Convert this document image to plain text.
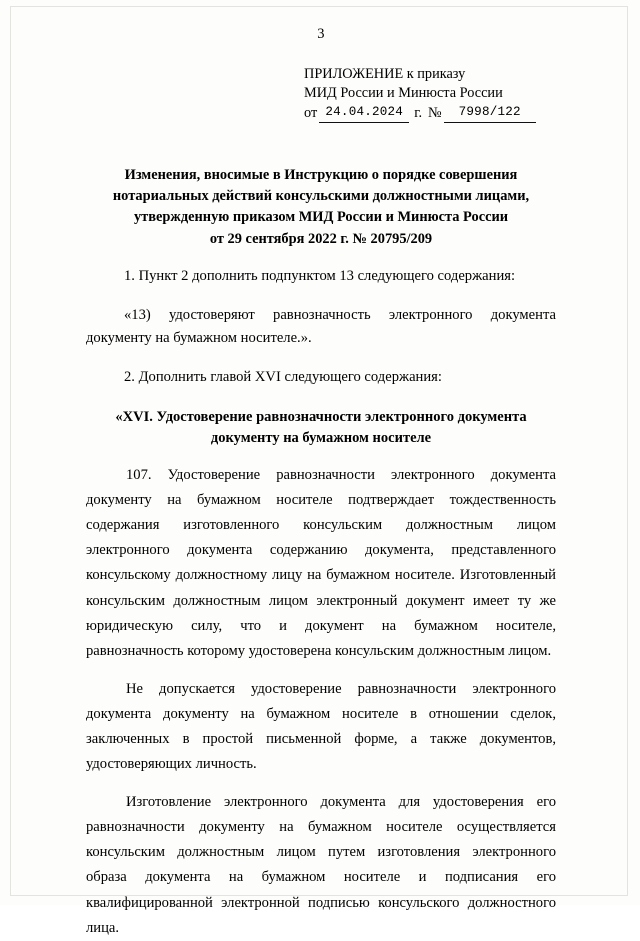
3
ПРИЛОЖЕНИЕ к приказу
МИД России и Минюста России
от 24.04.2024 г. №	7998/122
Изменения, вносимые в Инструкцию о порядке совершения
нотариальных действий консульскими должностными лицами,
утвержденную приказом МИД России и Минюста России
от 29 сентября 2022 г. № 20795/209
1. Пункт 2 дополнить подпунктом 13 следующего содержания:
«13) удостоверяют равнозначность электронного документа документу на бумажном носителе.».
2. Дополнить главой XVI следующего содержания:
«XVI. Удостоверение равнозначности электронного документа
документу на бумажном носителе
107. Удостоверение равнозначности электронного документа документу на бумажном носителе подтверждает тождественность содержания изготовленного консульским должностным лицом электронного документа содержанию документа, представленного консульскому должностному лицу на бумажном носителе. Изготовленный консульским должностным лицом электронный документ имеет ту же юридическую силу, что и документ на бумажном носителе, равнозначность которому удостоверена консульским должностным лицом.
Не допускается удостоверение равнозначности электронного документа документу на бумажном носителе в отношении сделок, заключенных в простой письменной форме, а также документов, удостоверяющих личность.
Изготовление электронного документа для удостоверения его равнозначности документу на бумажном носителе осуществляется консульским должностным лицом путем изготовления электронного образа документа на бумажном носителе и подписания его квалифицированной электронной подписью консульского должностного лица.
